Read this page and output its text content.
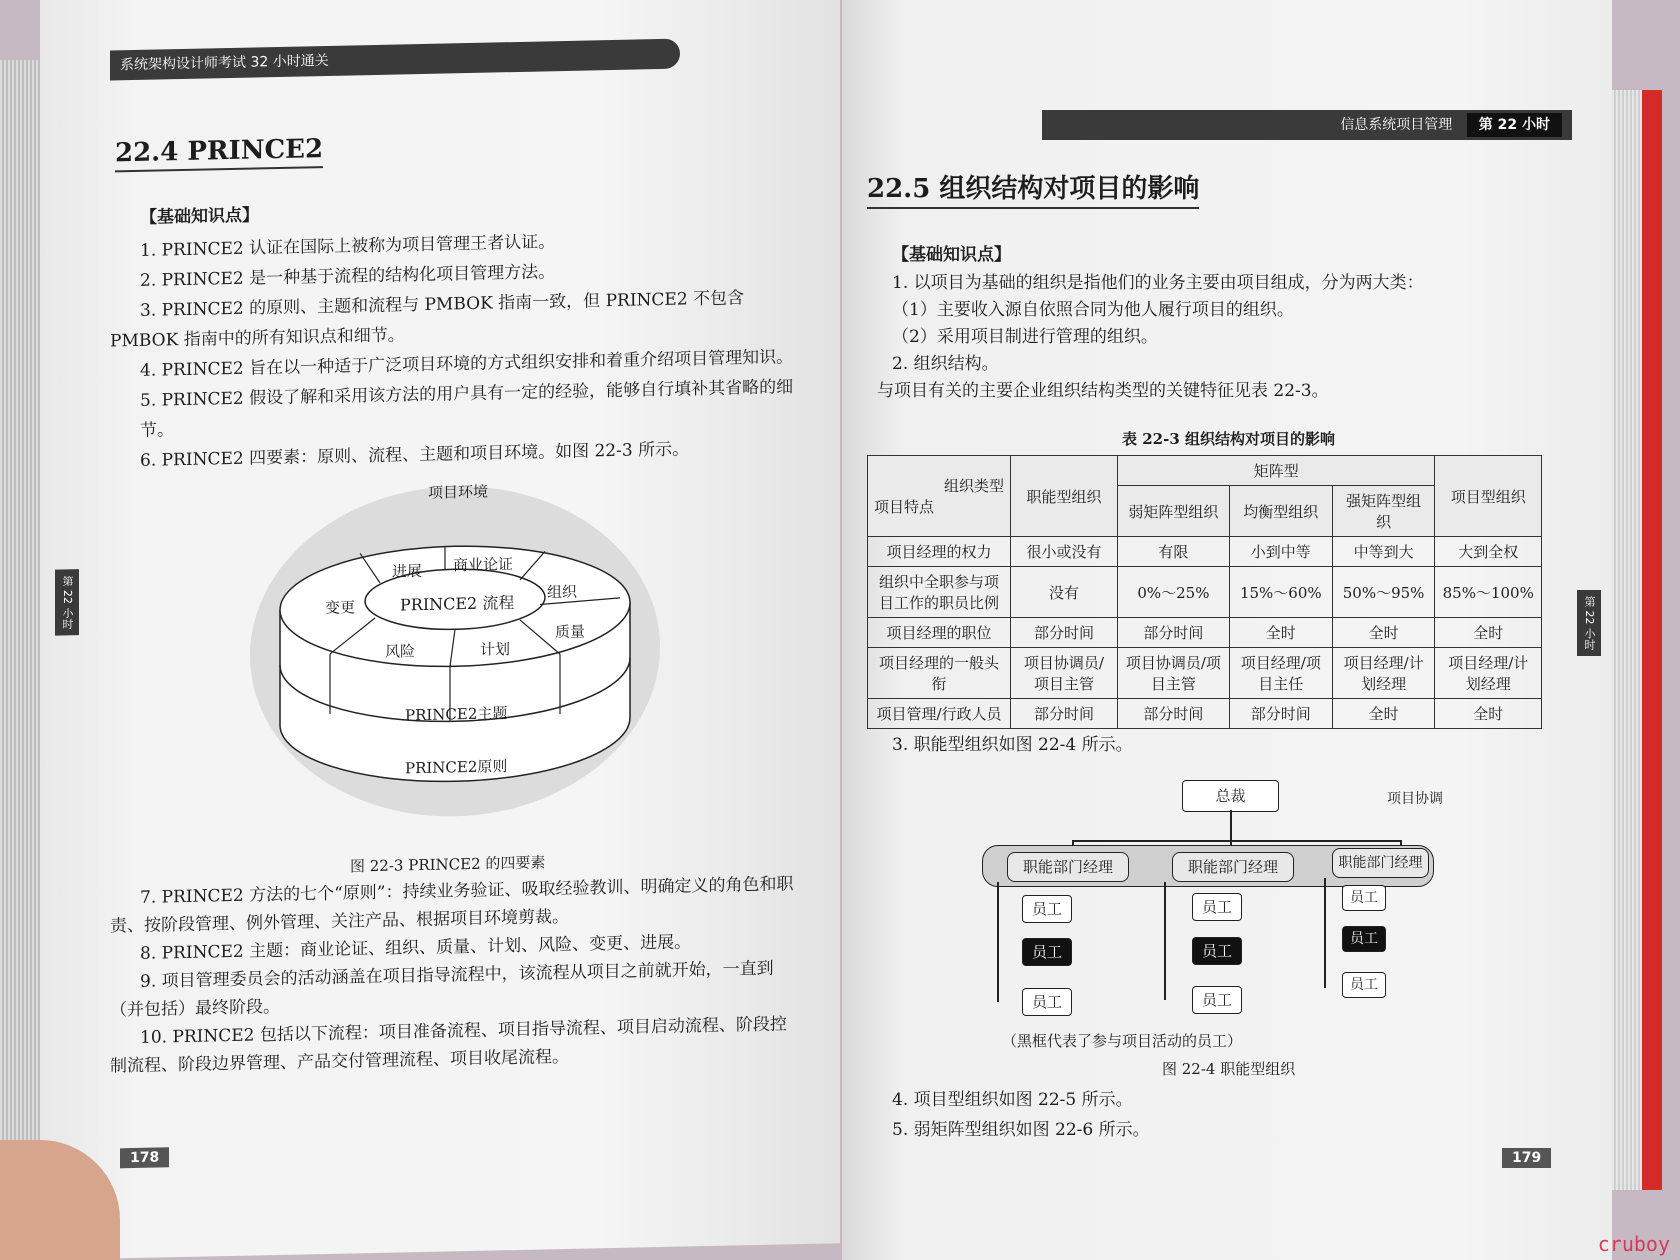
系统架构设计师考试 32 小时通关
22.4 PRINCE2
【基础知识点】
1. PRINCE2 认证在国际上被称为项目管理王者认证。
2. PRINCE2 是一种基于流程的结构化项目管理方法。
3. PRINCE2 的原则、主题和流程与 PMBOK 指南一致，但 PRINCE2 不包含 PMBOK 指南中的所有知识点和细节。
4. PRINCE2 旨在以一种适于广泛项目环境的方式组织安排和着重介绍项目管理知识。
5. PRINCE2 假设了解和采用该方法的用户具有一定的经验，能够自行填补其省略的细节。
6. PRINCE2 四要素：原则、流程、主题和项目环境。如图 22-3 所示。
项目环境
PRINCE2 流程
进展 商业论证
组织
质量
计划
风险
变更
PRINCE2主题
PRINCE2原则
图 22-3 PRINCE2 的四要素
7. PRINCE2 方法的七个“原则”：持续业务验证、吸取经验教训、明确定义的角色和职责、按阶段管理、例外管理、关注产品、根据项目环境剪裁。
8. PRINCE2 主题：商业论证、组织、质量、计划、风险、变更、进展。
9. 项目管理委员会的活动涵盖在项目指导流程中，该流程从项目之前就开始，一直到（并包括）最终阶段。
10. PRINCE2 包括以下流程：项目准备流程、项目指导流程、项目启动流程、阶段控制流程、阶段边界管理、产品交付管理流程、项目收尾流程。
第 22 小时
178
信息系统项目管理 第 22 小时
22.5 组织结构对项目的影响
【基础知识点】
1. 以项目为基础的组织是指他们的业务主要由项目组成，分为两大类：
（1）主要收入源自依照合同为他人履行项目的组织。
（2）采用项目制进行管理的组织。
2. 组织结构。
与项目有关的主要企业组织结构类型的关键特征见表 22-3。
表 22-3 组织结构对项目的影响
组织类型
项目特点	职能型组织	矩阵型			项目型组织
		弱矩阵型组织	均衡型组织	强矩阵型组织	
项目经理的权力	很小或没有	有限	小到中等	中等到大	大到全权
组织中全职参与项目工作的职员比例	没有	0%～25%	15%～60%	50%～95%	85%～100%
项目经理的职位	部分时间	部分时间	全时	全时	全时
项目经理的一般头衔	项目协调员/项目主管	项目协调员/项目主管	项目经理/项目主任	项目经理/计划经理	项目经理/计划经理
项目管理/行政人员	部分时间	部分时间	部分时间	全时	全时
3. 职能型组织如图 22-4 所示。
总裁	项目协调
职能部门经理	职能部门经理	职能部门经理
员工
员工
员工
员工
员工
员工
员工
员工
员工
（黑框代表了参与项目活动的员工）
图 22-4 职能型组织
4. 项目型组织如图 22-5 所示。
5. 弱矩阵型组织如图 22-6 所示。
第 22 小时
179
cruboy
